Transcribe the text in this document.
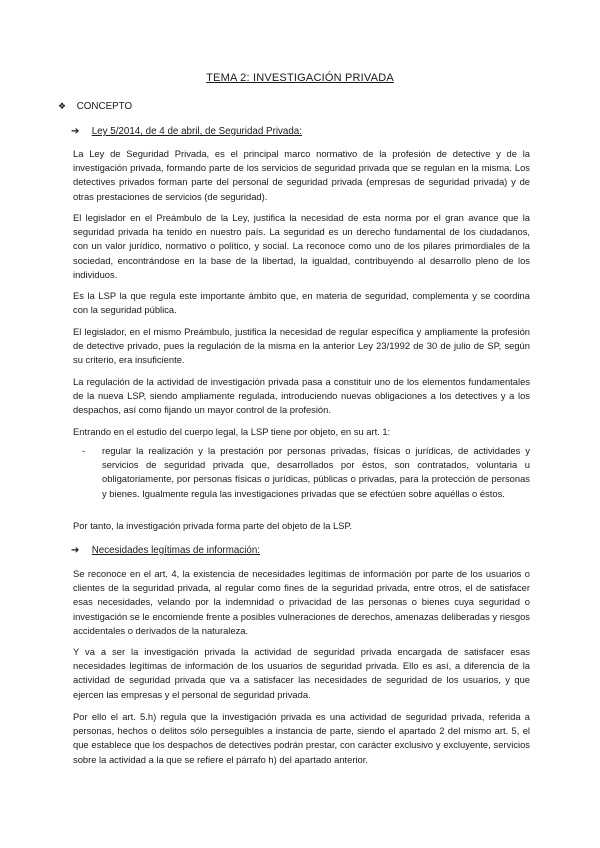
TEMA 2: INVESTIGACIÓN PRIVADA
❖ CONCEPTO
➔ Ley 5/2014, de 4 de abril, de Seguridad Privada:

La Ley de Seguridad Privada, es el principal marco normativo de la profesión de detective y de la investigación privada, formando parte de los servicios de seguridad privada que se regulan en la misma. Los detectives privados forman parte del personal de seguridad privada (empresas de seguridad privada) y de otras prestaciones de servicios (de seguridad).

El legislador en el Preámbulo de la Ley, justifica la necesidad de esta norma por el gran avance que la seguridad privada ha tenido en nuestro país. La seguridad es un derecho fundamental de los ciudadanos, con un valor jurídico, normativo o político, y social. La reconoce como uno de los pilares primordiales de la sociedad, encontrándose en la base de la libertad, la igualdad, contribuyendo al desarrollo pleno de los individuos.

Es la LSP la que regula este importante ámbito que, en materia de seguridad, complementa y se coordina con la seguridad pública.

El legislador, en el mismo Preámbulo, justifica la necesidad de regular específica y ampliamente la profesión de detective privado, pues la regulación de la misma en la anterior Ley 23/1992 de 30 de julio de SP, según su criterio, era insuficiente.

La regulación de la actividad de investigación privada pasa a constituir uno de los elementos fundamentales de la nueva LSP, siendo ampliamente regulada, introduciendo nuevas obligaciones a los detectives y a los despachos, así como fijando un mayor control de la profesión.

Entrando en el estudio del cuerpo legal, la LSP tiene por objeto, en su art. 1:

- regular la realización y la prestación por personas privadas, físicas o jurídicas, de actividades y servicios de seguridad privada que, desarrollados por éstos, son contratados, voluntaria u obligatoriamente, por personas físicas o jurídicas, públicas o privadas, para la protección de personas y bienes. Igualmente regula las investigaciones privadas que se efectúen sobre aquéllas o éstos.

Por tanto, la investigación privada forma parte del objeto de la LSP.

➔ Necesidades legítimas de información:

Se reconoce en el art. 4, la existencia de necesidades legítimas de información por parte de los usuarios o clientes de la seguridad privada, al regular como fines de la seguridad privada, entre otros, el de satisfacer esas necesidades, velando por la indemnidad o privacidad de las personas o bienes cuya seguridad o investigación se le encomiende frente a posibles vulneraciones de derechos, amenazas deliberadas y riesgos accidentales o derivados de la naturaleza.

Y va a ser la investigación privada la actividad de seguridad privada encargada de satisfacer esas necesidades legítimas de información de los usuarios de seguridad privada. Ello es así, a diferencia de la actividad de seguridad privada que va a satisfacer las necesidades de seguridad de los usuarios, y que ejercen las empresas y el personal de seguridad privada.

Por ello el art. 5.h) regula que la investigación privada es una actividad de seguridad privada, referida a personas, hechos o delitos sólo perseguibles a instancia de parte, siendo el apartado 2 del mismo art. 5, el que establece que los despachos de detectives podrán prestar, con carácter exclusivo y excluyente, servicios sobre la actividad a la que se refiere el párrafo h) del apartado anterior.
